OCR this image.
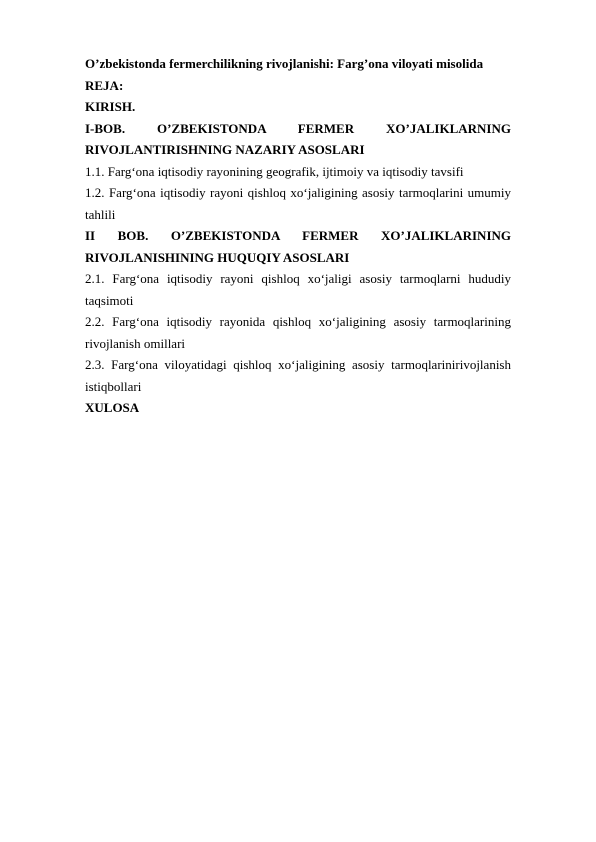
O’zbekistonda fermerchilikning rivojlanishi: Farg’ona viloyati misolida

REJA:

KIRISH.

I-BOB. O’ZBEKISTONDA FERMER XO’JALIKLARNING

RIVOJLANTIRISHNING NAZARIY ASOSLARI

1.1. Farg‘ona iqtisodiy rayonining geografik, ijtimoiy va iqtisodiy tavsifi

1.2. Farg‘ona iqtisodiy rayoni qishloq xo‘jaligining asosiy tarmoqlarini umumiy

tahlili

II BOB. O’ZBEKISTONDA FERMER XO’JALIKLARINING

RIVOJLANISHINING HUQUQIY ASOSLARI

2.1. Farg‘ona iqtisodiy rayoni qishloq xo‘jaligi asosiy tarmoqlarni hududiy

taqsimoti

2.2. Farg‘ona iqtisodiy rayonida qishloq xo‘jaligining asosiy tarmoqlarining

rivojlanish omillari

2.3. Farg‘ona viloyatidagi qishloq xo‘jaligining asosiy tarmoqlarinirivojlanish

istiqbollari

XULOSA
